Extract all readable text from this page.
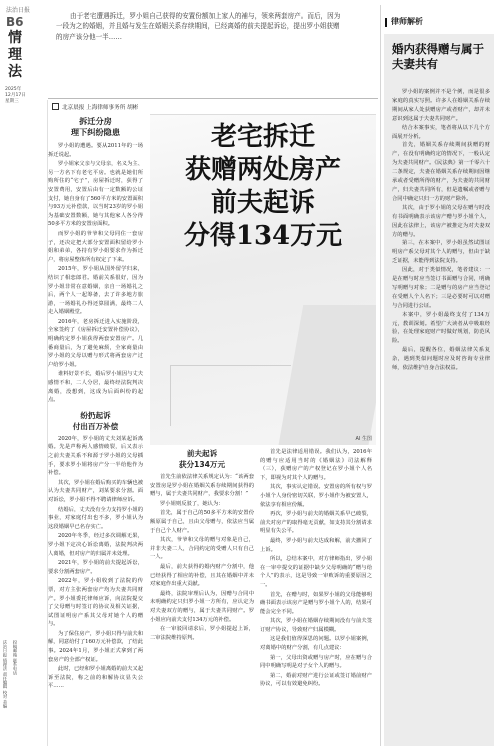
法治日报
B6
情理法
2025年
12月17日
星期三
由于老宅遭遇拆迁，罗小姐自己获得的安置份额加上家人的補与，领来两套房产。而后，因为一段为之的婚姻，并且婚与发生在婚姻关系存续期间，已经离婚的前夫提起诉讼，提出罗小姐获赠的房产该分他一半……
北京晨报 上海律师事务所 胡彬
拆迁分房
理下纠纷隐患

罗小姐的遭遇。要从2011年的一场拆迁说起。

罗小姐家父亲与父母亲，名义为主、另一方名下有老宅平房。也就是她们所购所住的“宅子”，房屋拆迁时，获得了安置费用，安置后由有一定数额的公证支付，她自身有了560平方米的安置面积与93万元补偿款，以当时23岁的罗小姐为基础安置数额，她与其他家人各分得50多平方米的安置房面积。

而罗小姐的爷爷和父母同住一套房子，还决定把大部分安置面积留给罗小姐和弟弟，各持有罗小姐要求作为拆迁户，将房屋整体所有权定了下来。

2015年，罗小姐从国外留学归来，结识了相恋郎君。婚前关系很好，因为罗小姐非常在意婚姻，亲自一场婚礼之后，两个人一起筹备，去了许多地方旅游，一场婚礼办得还算圆满，最终二人走入婚姻殿堂。

2016年，老房拆迁进入实施阶段，全家签约了《房屋拆迁安置补偿协议》，明确约定罗小姐获得两套安置房产。几番商量后，为了避免麻烦，全家商量由罗小姐的父母以赠与形式将两套房产过户给罗小姐。

谁料好景不长，婚后罗小姐因与丈夫感情不和，二人分居，最终经法院判决离婚，没想到，这成为后面纠纷的起点。

纷扔起诉
付出百万补偿

2020年，罗小姐的丈夫刘某起诉离婚。先是声称两人感情破裂，后又表示之前夫妻关系不和源于罗小姐的父母插手，要求罗小姐将房产分一半给他作为补偿。

其次，罗小姐在婚后购买的车辆也被认为夫妻共同财产，刘某要求分割。面对诉讼，罗小姐不得不聘请律师应诉。

结婚后，丈夫没有全力支持罗小姐的事业，对家庭付出也不多，罗小姐认为这段婚姻早已名存实亡。

2020年冬季，经过多次调解无果，罗小姐下定决心诉讼离婚，法院判决两人离婚，但对房产的归属并未处理。

2021年，罗小姐的前夫提起诉讼，要求分割两套房产。

2022年，罗小姐收到了法院的传票，对方主张两套房产均为夫妻共同财产。罗小姐委托律师应诉，向法院提交了父母赠与时签订的协议及相关证据，试图证明房产系其父母对她个人的赠与。

为了保住房产，罗小姐只得与前夫和解，同意给付了160万元补偿款，了结此事。2024年1月，罗小姐正式拿到了两套房产的全部产权证。

此时，已经和罗小姐离婚的前夫又起诉至法院，称之前的和解协议显失公平……

老宅拆迁
获赠两处房产
前夫起诉
分得134万元
AI 生图
前夫起诉
获分134万元

首先生前依法律关系规定认为：“该两套安置房是罗小姐在婚姻关系存续期间获得的赠与，属于夫妻共同财产，我要求分割！”

罗小姐则反驳了，她认为：

首先，属于自己的50多平方米的安置份额原属于自己，且由父母赠与，依法应当属于自己个人财产。

其次，爷爷和父母的赠与对象是自己，并非夫妻二人，合同约定的受赠人只有自己一人。

最后，前夫获得的婚内财产分割中，他已经获得了相应的补偿，且其在婚姻中并未对家庭作出重大贡献。

最终，法院审理后认为，因赠与合同中未明确约定只归罗小姐一方所有，应认定为对夫妻双方的赠与，属于夫妻共同财产。罗小姐应向前夫支付134万元的补偿。

在一审驳回请求后，罗小姐提起上诉，二审法院维持原判。

首先是法律适用错误。我们认为，2016年的赠与应适用当时的《婚姻法》司法解释（三），获赠房产的产权登记在罗小姐个人名下，即视为对其个人的赠与。

其次，事实认定错误。安置房的所有权与罗小姐个人身份密切关联，罗小姐作为被安置人，依法享有相应份额。

再次，罗小姐与前夫的婚姻关系早已破裂，前夫对房产的取得毫无贡献，如支持其分割请求明显有失公平。

最终，罗小姐与前夫达成和解，前夫撤回了上诉。

所以，总结本案中，对方律师指出，罗小姐在一审中提交的证据中缺少父母明确的“赠与给个人”的表示，这是导致一审败诉的重要原因之一。

首先，在赠与时，如果罗小姐的父母能够明确书面表示该房产是赠与罗小姐个人的，结果可能会完全不同。

其次，罗小姐在婚姻存续期间没有与前夫签订财产协议，导致财产归属模糊。

这是我们值得深思的问题。以罗小姐案例，对离婚中的财产分割，有几点建议：

第一，父母出资或赠与房产时，应在赠与合同中明确写明是对子女个人的赠与。

第二，婚前对财产进行公证或签订婚前财产协议，可以有效避免纠纷。

律师解析
婚内获得赠与属于夫妻共有

罗小姐的案例并不是个例，而是很多家庭的真实写照。许多人在婚姻关系存续期间从家人处获赠房产或者财产，却并未意识到这属于夫妻共同财产。

结合本案事实，笔者将从以下几个方面展开分析。

首先，婚姻关系存续期间获赠的财产，在没有明确约定的情况下，一般认定为夫妻共同财产。《民法典》第一千零六十二条规定，夫妻在婚姻关系存续期间因继承或者受赠所得的财产，为夫妻的共同财产，归夫妻共同所有，但是遗嘱或者赠与合同中确定只归一方的财产除外。

其次，由于罗小姐的父母在赠与时没有书面明确表示该房产赠与罗小姐个人，因此在法律上，该房产被推定为对夫妻双方的赠与。

第三，在本案中，罗小姐虽然试图证明房产系父母对其个人的赠与，但由于缺乏证据，未能得到法院支持。

因此，对于类似情况，笔者建议：一是在赠与时应当签订书面赠与合同，明确写明赠与对象；二是赠与的房产应当登记在受赠人个人名下；三是必要时可以对赠与合同进行公证。

本案中，罗小姐最终支付了134万元，教训深刻。希望广大读者从中吸取经验，在处理家庭财产时做好规划，防范风险。

最后，提醒各位，婚姻法律关系复杂，遇到类似问题时应及时咨询专业律师，依法维护自身合法权益。

法治日报 情理法 责任编辑 校对 美编 投稿邮箱 联系电话
